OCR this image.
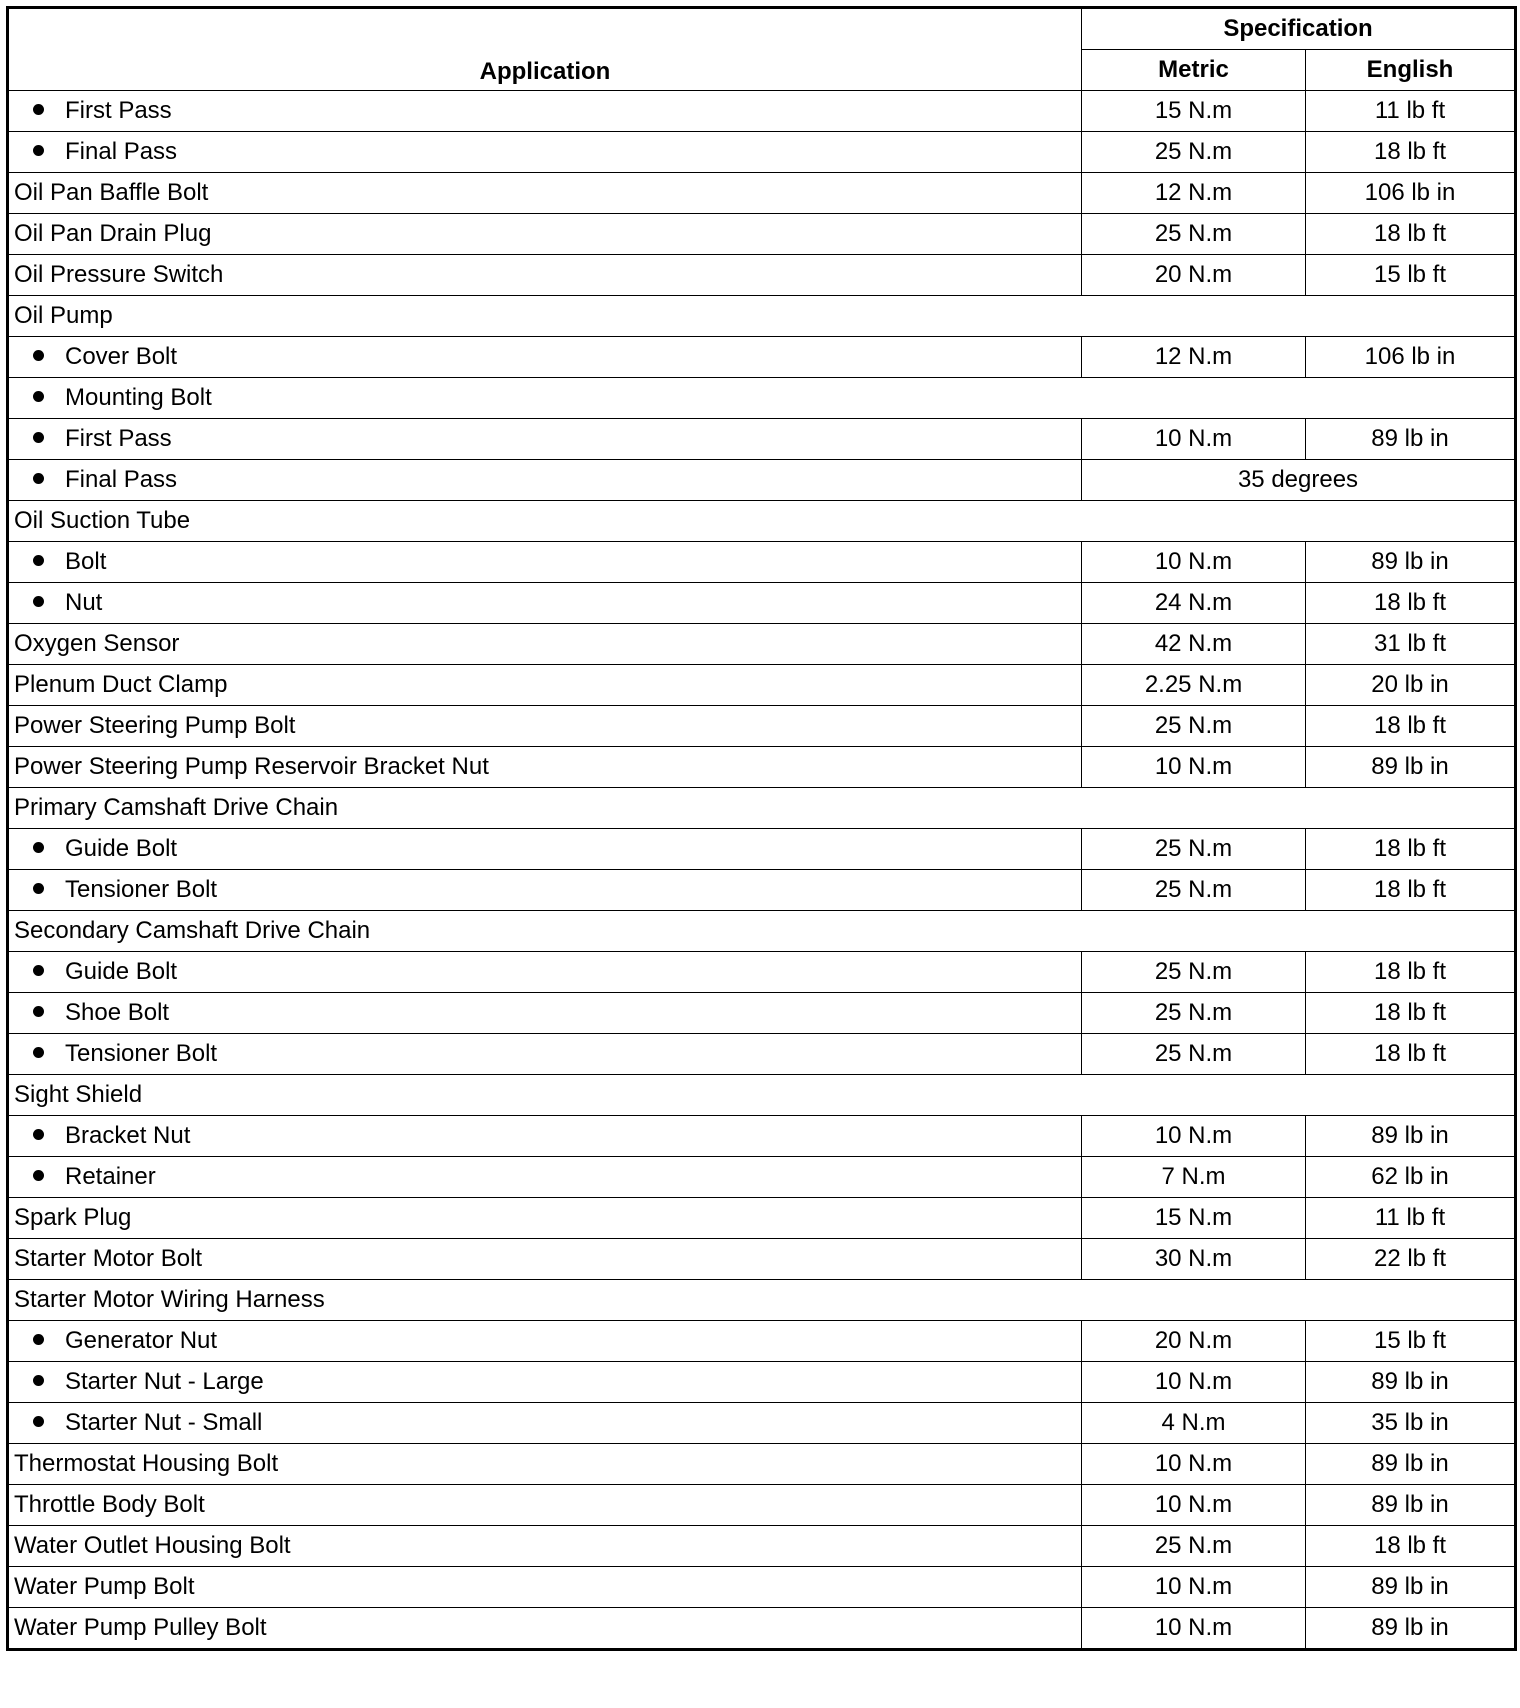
Application	Specification	
	Metric	English
First Pass	15 N.m	11 lb ft
Final Pass	25 N.m	18 lb ft
Oil Pan Baffle Bolt	12 N.m	106 lb in
Oil Pan Drain Plug	25 N.m	18 lb ft
Oil Pressure Switch	20 N.m	15 lb ft
Oil Pump		
Cover Bolt	12 N.m	106 lb in
Mounting Bolt		
First Pass	10 N.m	89 lb in
Final Pass	35 degrees	
Oil Suction Tube		
Bolt	10 N.m	89 lb in
Nut	24 N.m	18 lb ft
Oxygen Sensor	42 N.m	31 lb ft
Plenum Duct Clamp	2.25 N.m	20 lb in
Power Steering Pump Bolt	25 N.m	18 lb ft
Power Steering Pump Reservoir Bracket Nut	10 N.m	89 lb in
Primary Camshaft Drive Chain		
Guide Bolt	25 N.m	18 lb ft
Tensioner Bolt	25 N.m	18 lb ft
Secondary Camshaft Drive Chain		
Guide Bolt	25 N.m	18 lb ft
Shoe Bolt	25 N.m	18 lb ft
Tensioner Bolt	25 N.m	18 lb ft
Sight Shield		
Bracket Nut	10 N.m	89 lb in
Retainer	7 N.m	62 lb in
Spark Plug	15 N.m	11 lb ft
Starter Motor Bolt	30 N.m	22 lb ft
Starter Motor Wiring Harness		
Generator Nut	20 N.m	15 lb ft
Starter Nut - Large	10 N.m	89 lb in
Starter Nut - Small	4 N.m	35 lb in
Thermostat Housing Bolt	10 N.m	89 lb in
Throttle Body Bolt	10 N.m	89 lb in
Water Outlet Housing Bolt	25 N.m	18 lb ft
Water Pump Bolt	10 N.m	89 lb in
Water Pump Pulley Bolt	10 N.m	89 lb in
